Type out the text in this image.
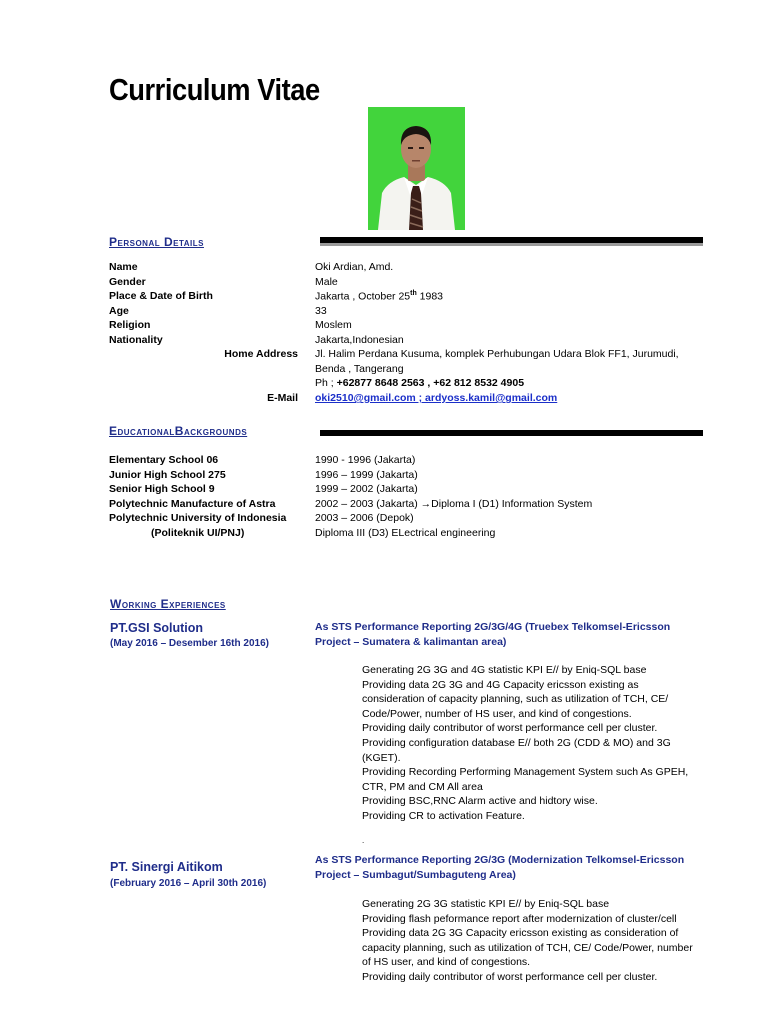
Curriculum Vitae
Personal Details
Name	Oki Ardian, Amd.
Gender	Male
Place & Date of Birth	Jakarta , October 25th 1983
Age	33
Religion	Moslem
Nationality	Jakarta,Indonesian
Home Address Jl. Halim Perdana Kusuma, komplek Perhubungan Udara Blok FF1, Jurumudi,
Benda , Tangerang
Ph ; +62877 8648 2563 , +62 812 8532 4905
E-Mail oki2510@gmail.com ; ardyoss.kamil@gmail.com
EducationalBackgrounds
Elementary School 06	1990 - 1996 (Jakarta)
Junior High School 275	1996 – 1999 (Jakarta)
Senior High School 9	1999 – 2002 (Jakarta)
Polytechnic Manufacture of Astra	2002 – 2003 (Jakarta) →Diploma I (D1) Information System
Polytechnic University of Indonesia	2003 – 2006 (Depok)
(Politeknik UI/PNJ)	Diploma III (D3) ELectrical engineering
Working Experiences
PT.GSI Solution
(May 2016 – Desember 16th 2016)
As STS Performance Reporting 2G/3G/4G (Truebex Telkomsel-Ericsson Project – Sumatera & kalimantan area)
Generating 2G 3G and 4G statistic KPI E// by Eniq-SQL base
Providing data 2G 3G and 4G Capacity ericsson existing as consideration of capacity planning, such as utilization of TCH, CE/ Code/Power, number of HS user, and kind of congestions.
Providing daily contributor of worst performance cell per cluster.
Providing configuration database E// both 2G (CDD & MO) and 3G (KGET).
Providing Recording Performing Management System such As GPEH, CTR, PM and CM All area
Providing BSC,RNC Alarm active and hidtory wise.
Providing CR to activation Feature.
.
PT. Sinergi Aitikom
(February 2016 – April 30th 2016)
As STS Performance Reporting 2G/3G (Modernization Telkomsel-Ericsson Project – Sumbagut/Sumbaguteng Area)
Generating 2G 3G statistic KPI E// by Eniq-SQL base
Providing flash peformance report after modernization of cluster/cell
Providing data 2G 3G Capacity ericsson existing as consideration of capacity planning, such as utilization of TCH, CE/ Code/Power, number of HS user, and kind of congestions.
Providing daily contributor of worst performance cell per cluster.
